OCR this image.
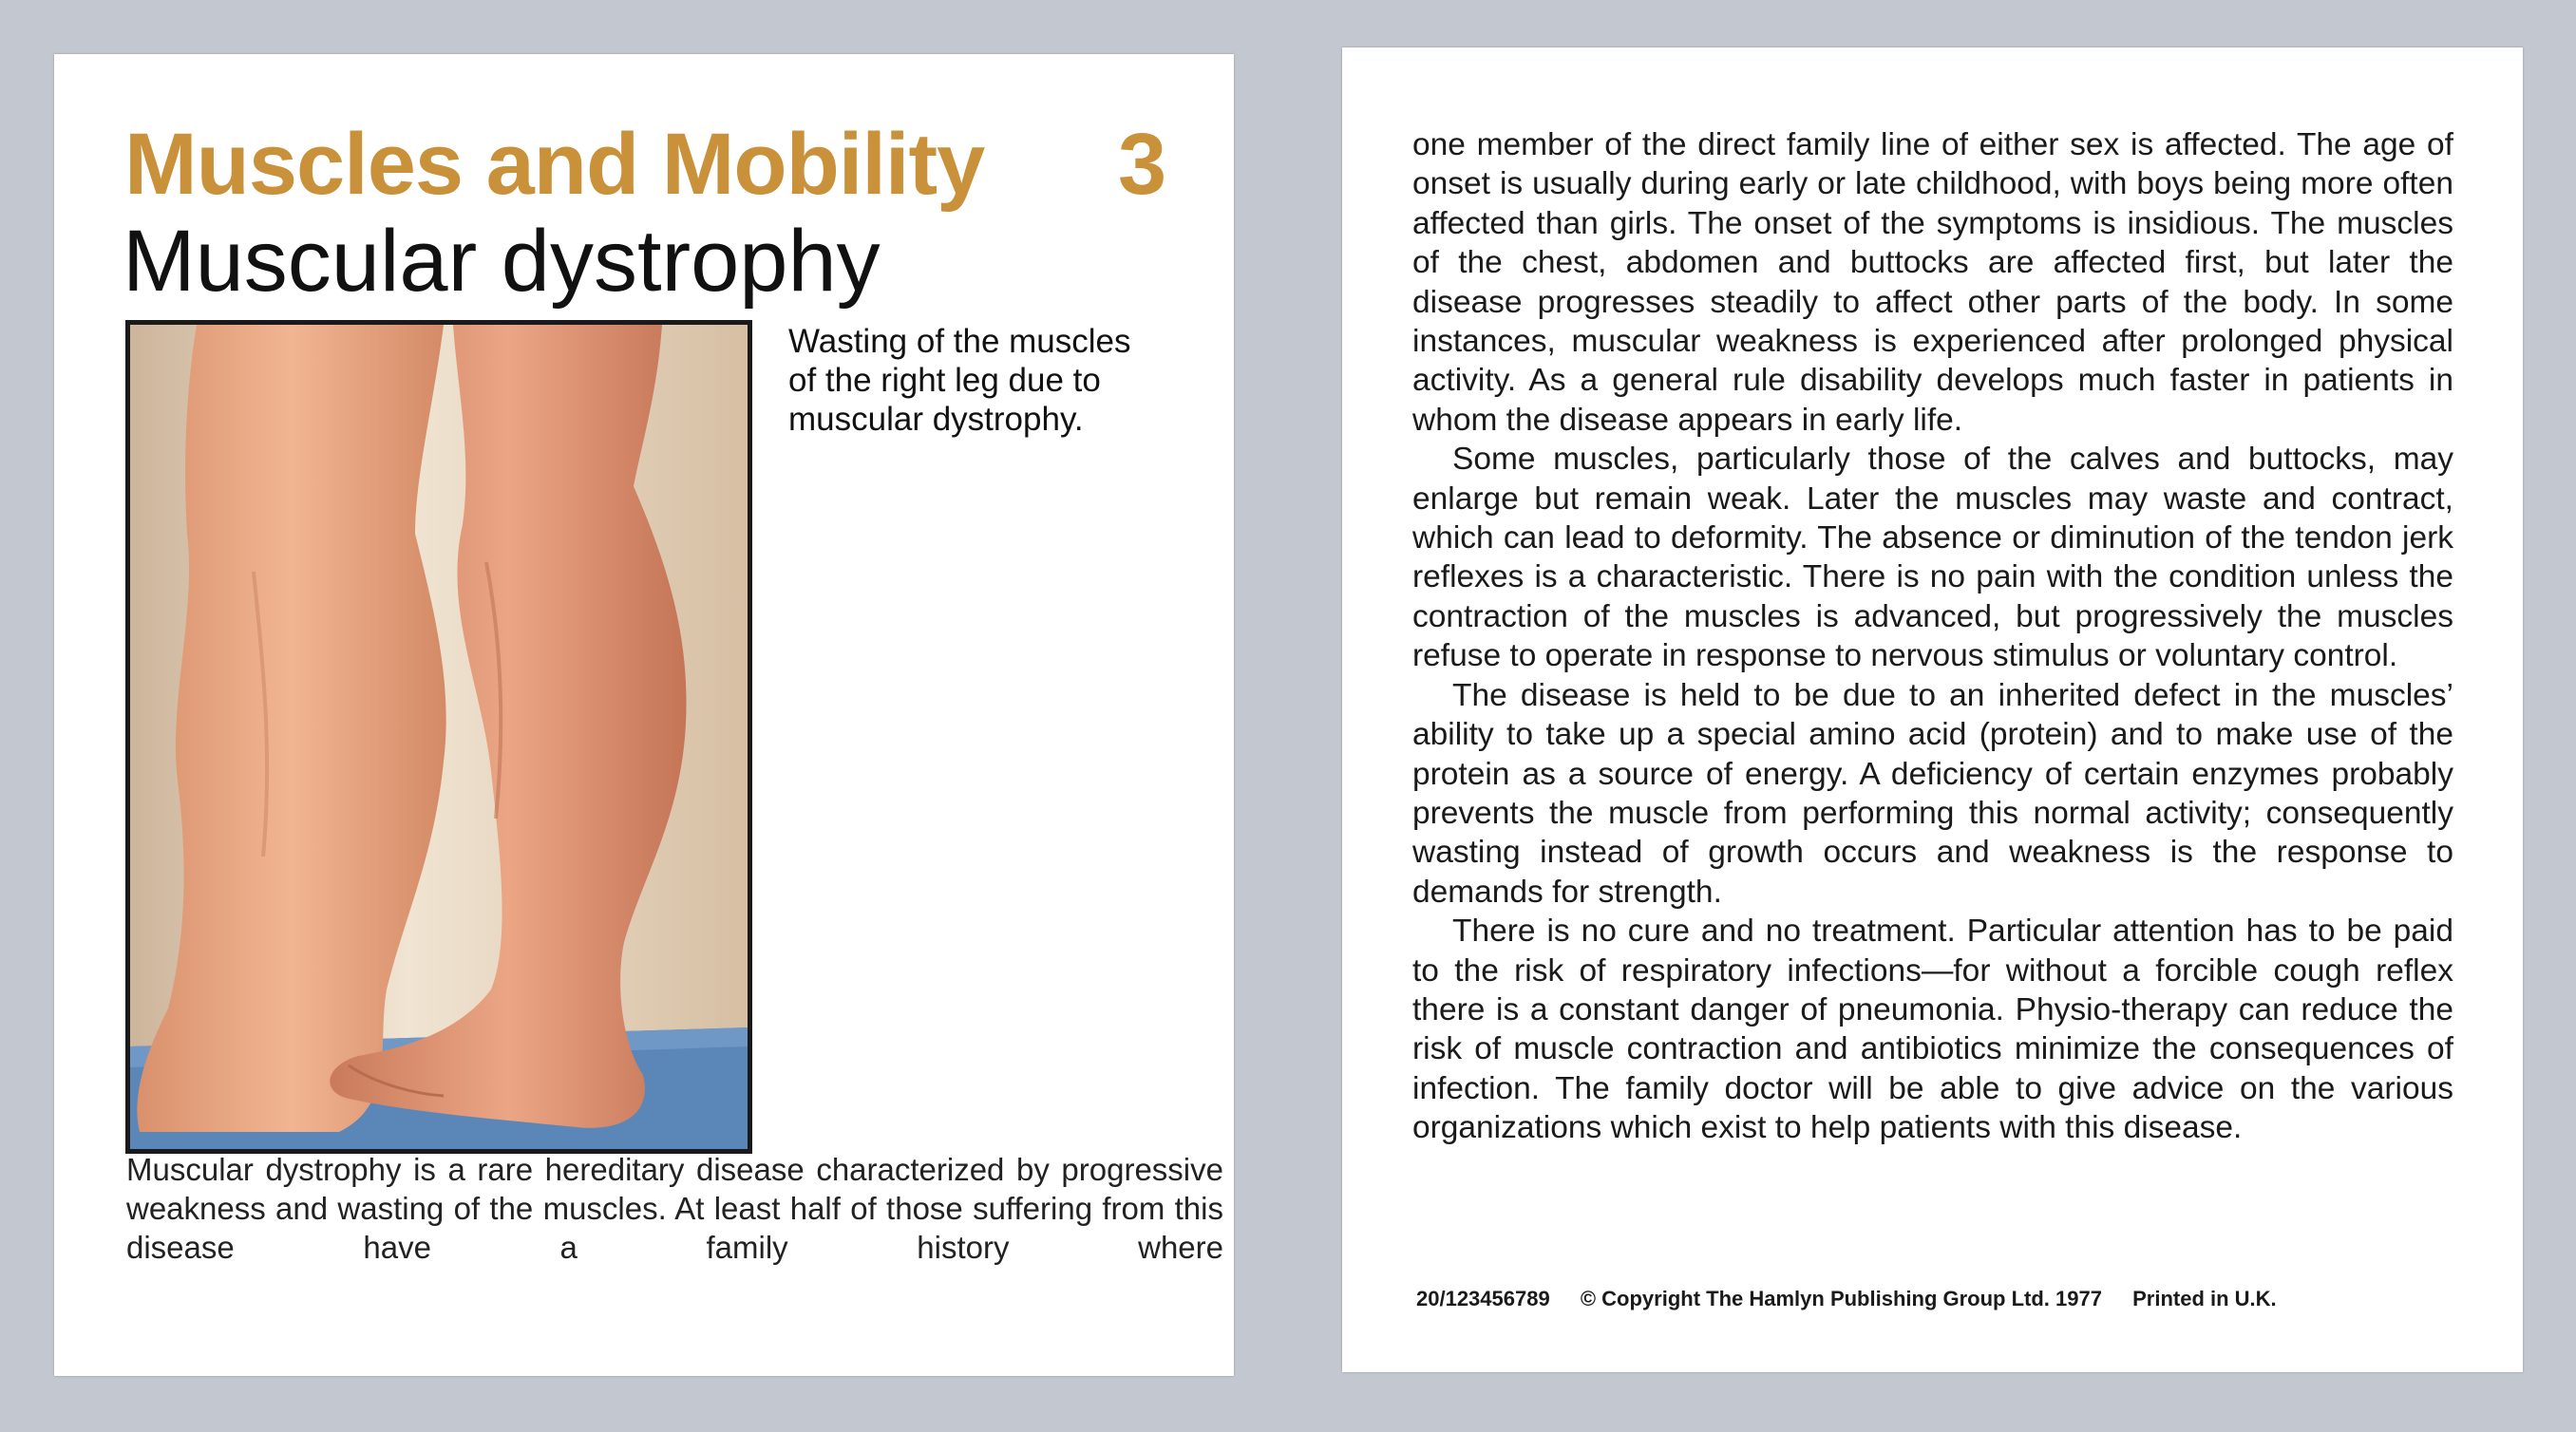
Muscles and Mobility 3
Muscular dystrophy
Wasting of the muscles of the right leg due to muscular dystrophy.

Muscular dystrophy is a rare hereditary disease characterized by progressive weakness and wasting of the muscles. At least half of those suffering from this disease have a family history where

one member of the direct family line of either sex is affected. The age of onset is usually during early or late childhood, with boys being more often affected than girls. The onset of the symptoms is insidious. The muscles of the chest, abdomen and buttocks are affected first, but later the disease progresses steadily to affect other parts of the body. In some instances, muscular weakness is experienced after prolonged physical activity. As a general rule disability develops much faster in patients in whom the disease appears in early life.

Some muscles, particularly those of the calves and buttocks, may enlarge but remain weak. Later the muscles may waste and contract, which can lead to deformity. The absence or diminution of the tendon jerk reflexes is a characteristic. There is no pain with the condition unless the contraction of the muscles is advanced, but progressively the muscles refuse to operate in response to nervous stimulus or voluntary control.

The disease is held to be due to an inherited defect in the muscles’ ability to take up a special amino acid (protein) and to make use of the protein as a source of energy. A deficiency of certain enzymes probably prevents the muscle from performing this normal activity; consequently wasting instead of growth occurs and weakness is the response to demands for strength.

There is no cure and no treatment. Particular attention has to be paid to the risk of respiratory infections—for without a forcible cough reflex there is a constant danger of pneumonia. Physio-therapy can reduce the risk of muscle contraction and antibiotics minimize the consequences of infection. The family doctor will be able to give advice on the various organizations which exist to help patients with this disease.

20/123456789 © Copyright The Hamlyn Publishing Group Ltd. 1977 Printed in U.K.
